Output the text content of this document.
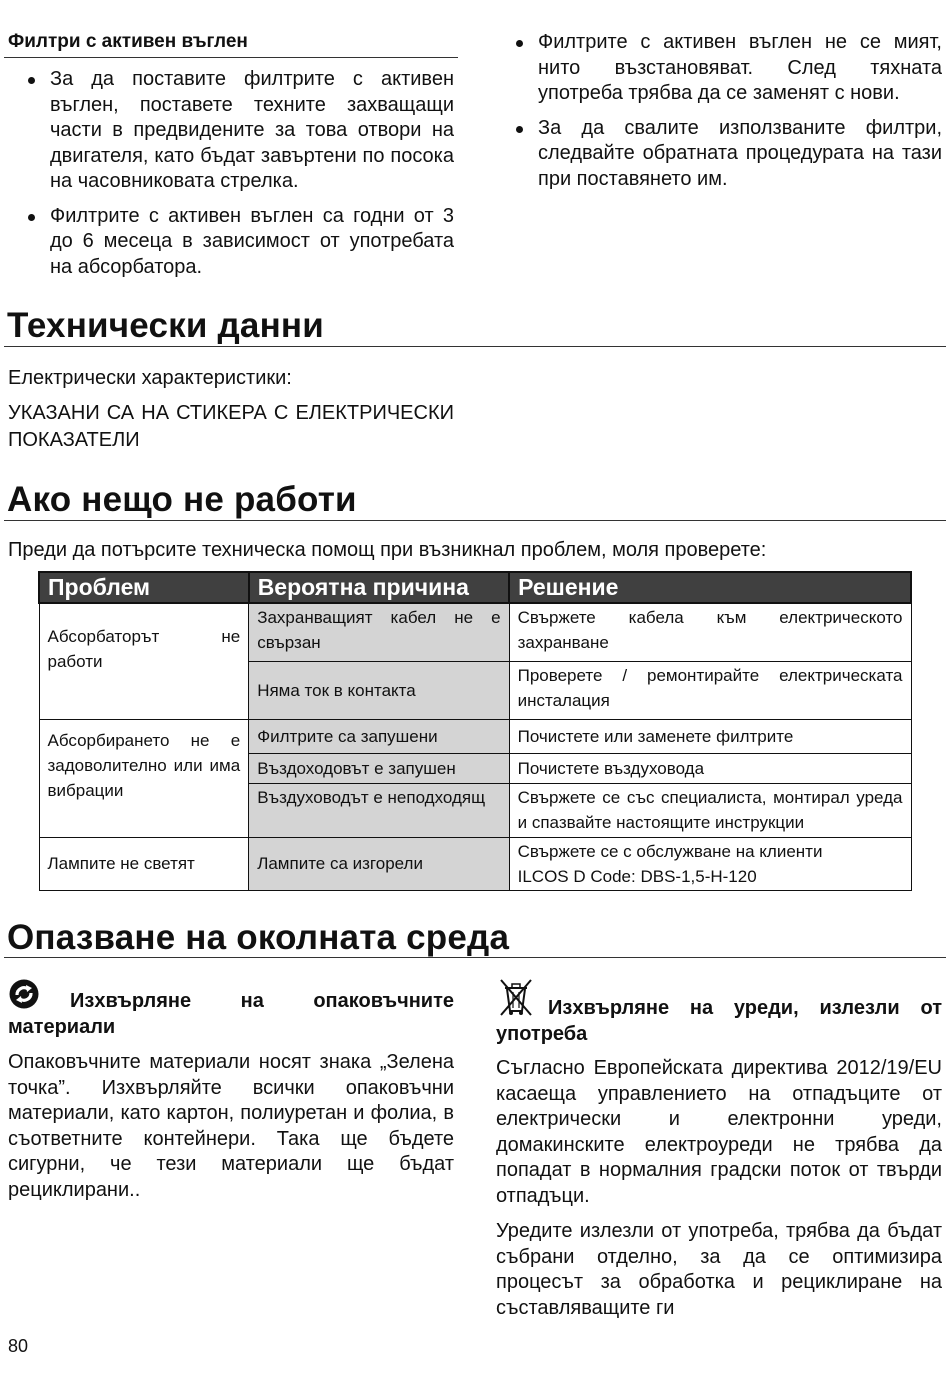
Филтри с активен въглен
За да поставите филтрите с активен въглен, поставете техните захващащи части в предвидените за това отвори на двигателя, като бъдат завъртени по посока на часовниковата стрелка.
Филтрите с активен въглен са годни от 3 до 6 месеца в зависимост от употребата на абсорбатора.
Филтрите с активен въглен не се мият, нито възстановяват. След тяхната употреба трябва да се заменят с нови.
За да свалите използваните филтри, следвайте обратната процедурата на тази при поставянето им.
Технически данни
Електрически характеристики:
УКАЗАНИ СА НА СТИКЕРА С ЕЛЕКТРИЧЕСКИ ПОКАЗАТЕЛИ
Ако нещо не работи
Преди да потърсите техническа помощ при възникнал проблем, моля проверете:
Проблем	Вероятна причина	Решение
Абсорбаторът не работи	Захранващият кабел не е свързан	Свържете кабела към електрическото захранване
	Няма ток в контакта	Проверете / ремонтирайте електрическата инсталация
Абсорбирането не е задоволително или има вибрации	Филтрите са запушени	Почистете или заменете филтрите
	Въздоходовът е запушен	Почистете въздуховода
	Въздуховодът е неподходящ	Свържете се със специалиста, монтирал уреда и спазвайте настоящите инструкции
Лампите не светят	Лампите са изгорели	Свържете се с обслужване на клиенти
ILCOS D Code: DBS-1,5-H-120
Опазване на околната среда
Изхвърляне на опаковъчните материали
Опаковъчните материали носят знака „Зелена точка”. Изхвърляйте всички опаковъчни материали, като картон, полиуретан и фолиа, в съответните контейнери. Така ще бъдете сигурни, че тези материали ще бъдат рециклирани..
Изхвърляне на уреди, излезли от употреба
Съгласно Европейската директива 2012/19/EU касаеща управлението на отпадъците от електрически и електронни уреди, домакинските електроуреди не трябва да попадат в нормалния градски поток от твърди отпадъци.
Уредите излезли от употреба, трябва да бъдат събрани отделно, за да се оптимизира процесът за обработка и рециклиране на съставляващите ги
80
